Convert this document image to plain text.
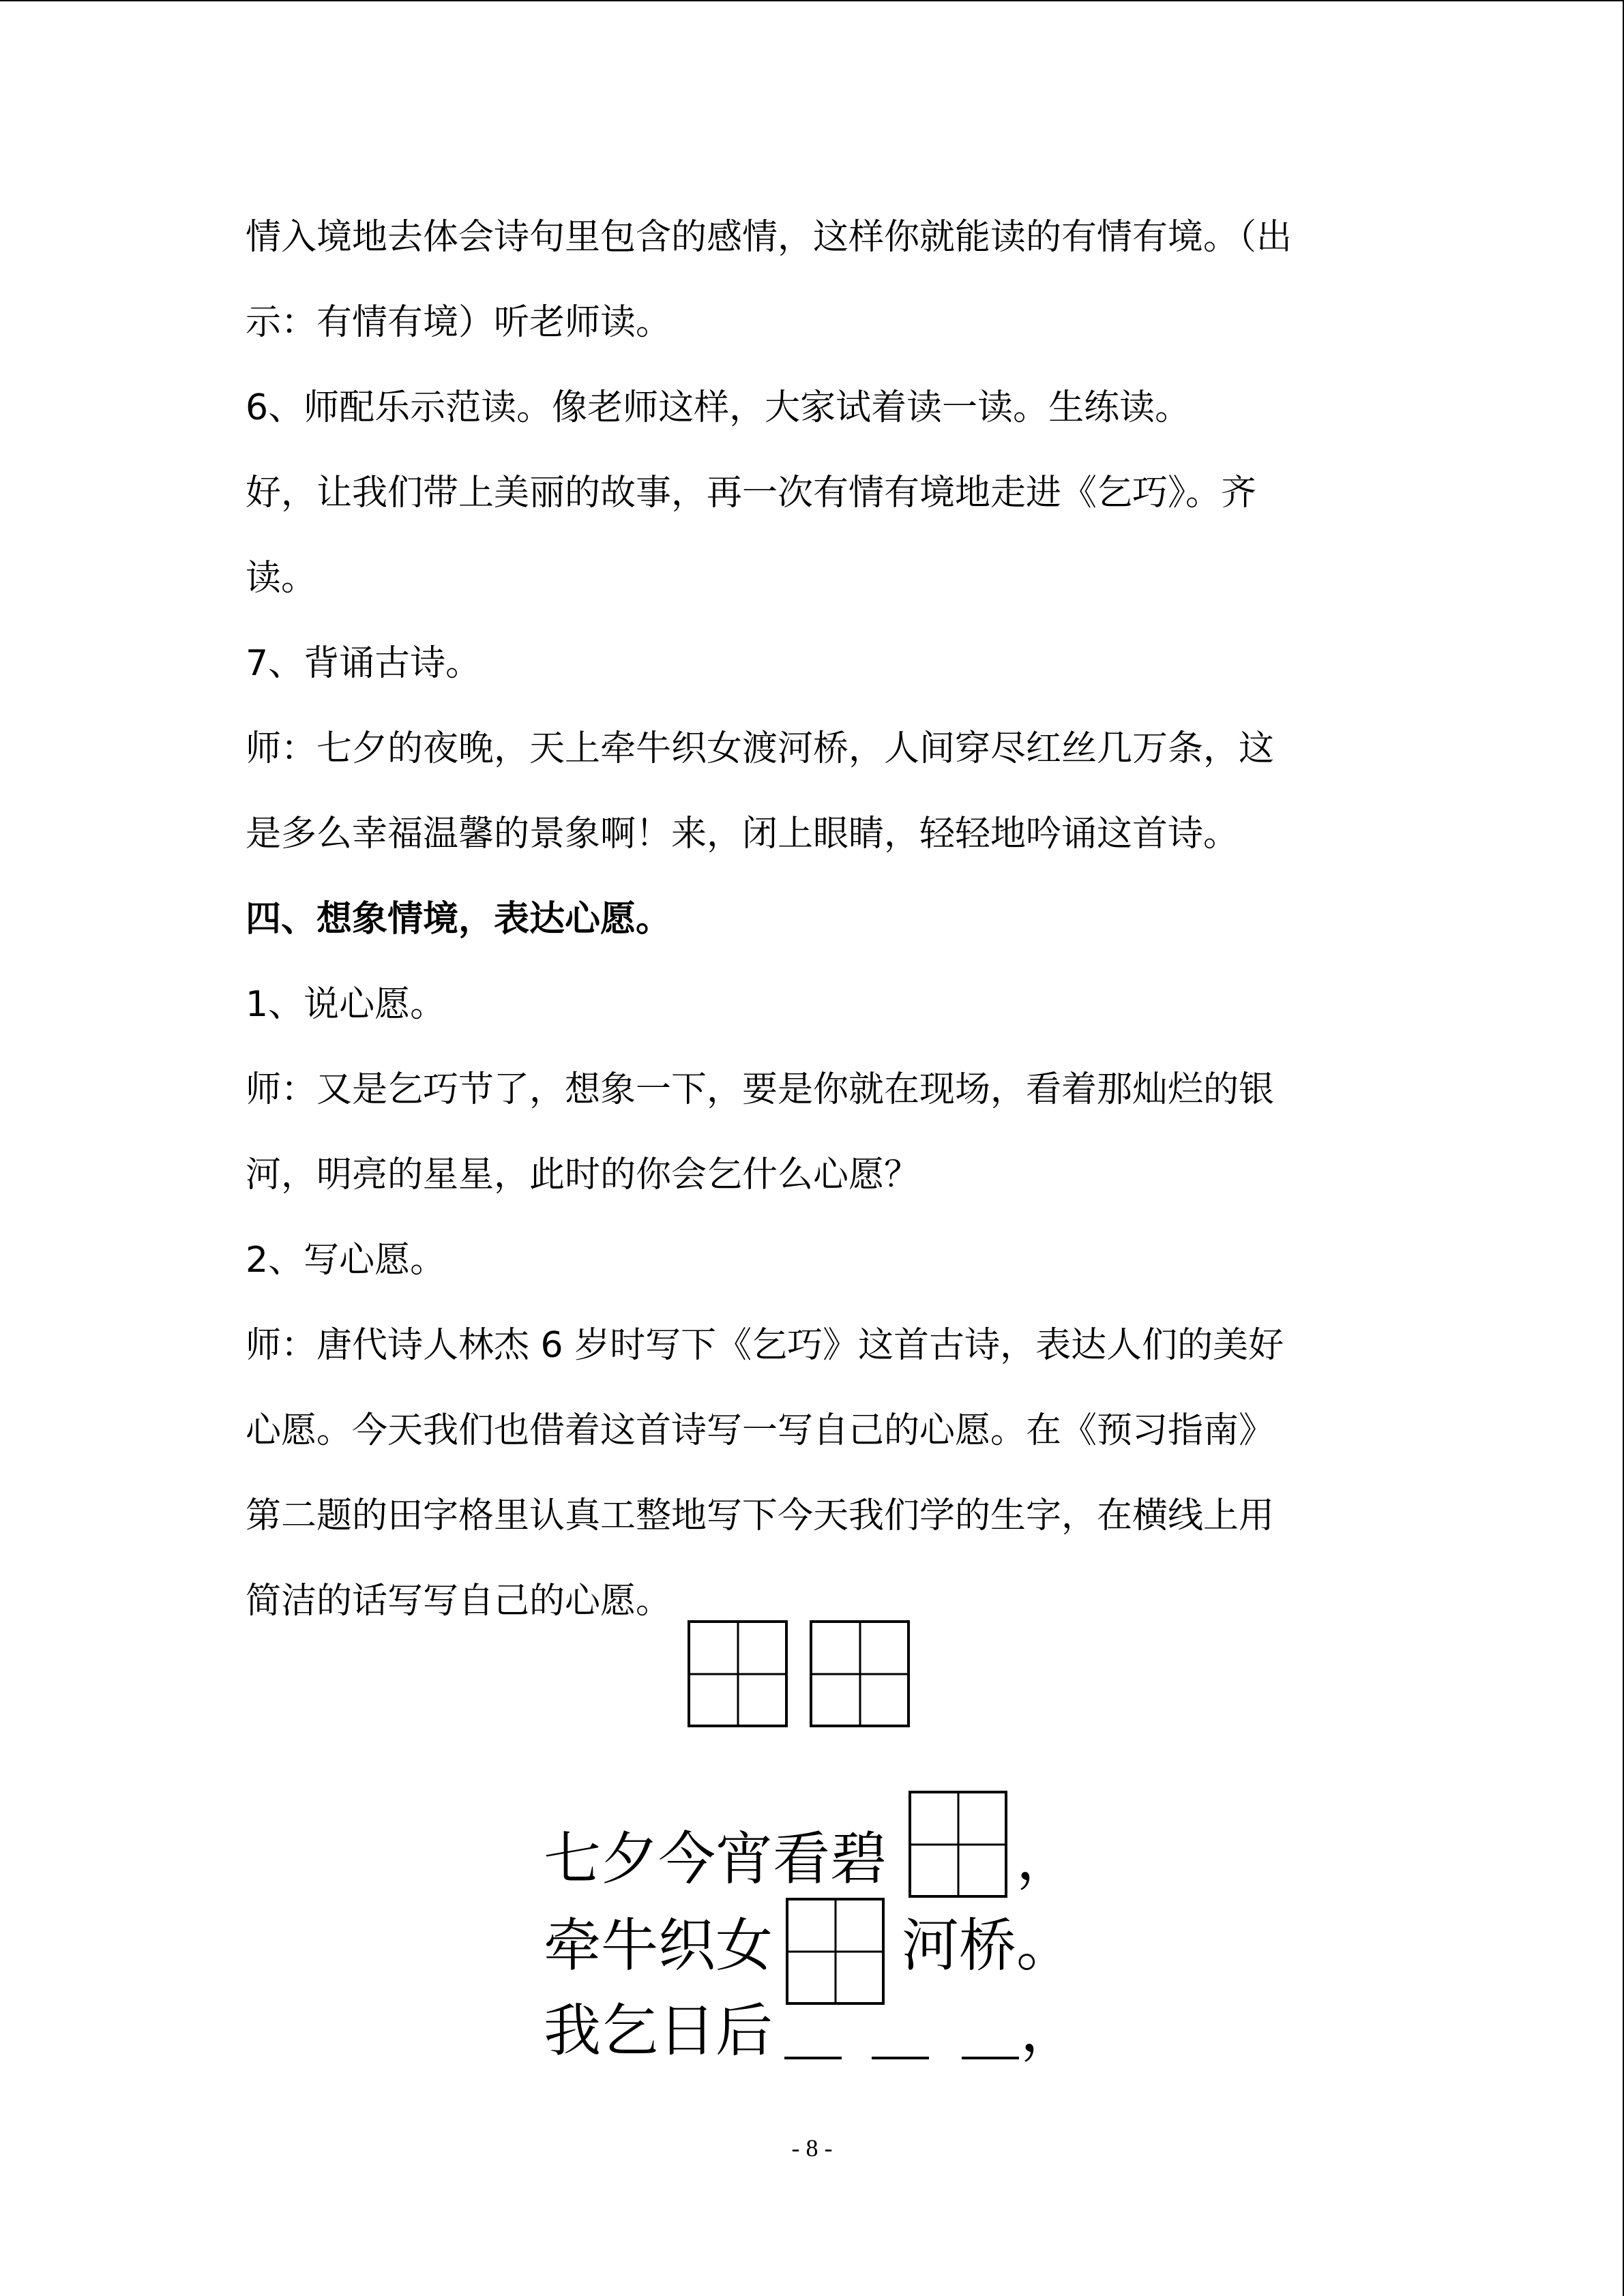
情入境地去体会诗句里包含的感情，这样你就能读的有情有境。（出
示：有情有境）听老师读。
6、师配乐示范读。像老师这样，大家试着读一读。生练读。
好，让我们带上美丽的故事，再一次有情有境地走进《乞巧》。齐
读。
7、背诵古诗。
师：七夕的夜晚，天上牵牛织女渡河桥，人间穿尽红丝几万条，这
是多么幸福温馨的景象啊！来，闭上眼睛，轻轻地吟诵这首诗。
四、想象情境，表达心愿。
1、说心愿。
师：又是乞巧节了，想象一下，要是你就在现场，看着那灿烂的银
河，明亮的星星，此时的你会乞什么心愿？
2、写心愿。
师：唐代诗人林杰 6 岁时写下《乞巧》这首古诗，表达人们的美好
心愿。今天我们也借着这首诗写一写自己的心愿。在《预习指南》
第二题的田字格里认真工整地写下今天我们学的生字，在横线上用
简洁的话写写自己的心愿。
七夕今宵看碧 ，
牵牛织女 河桥。
我乞日后	，
- 8 -
